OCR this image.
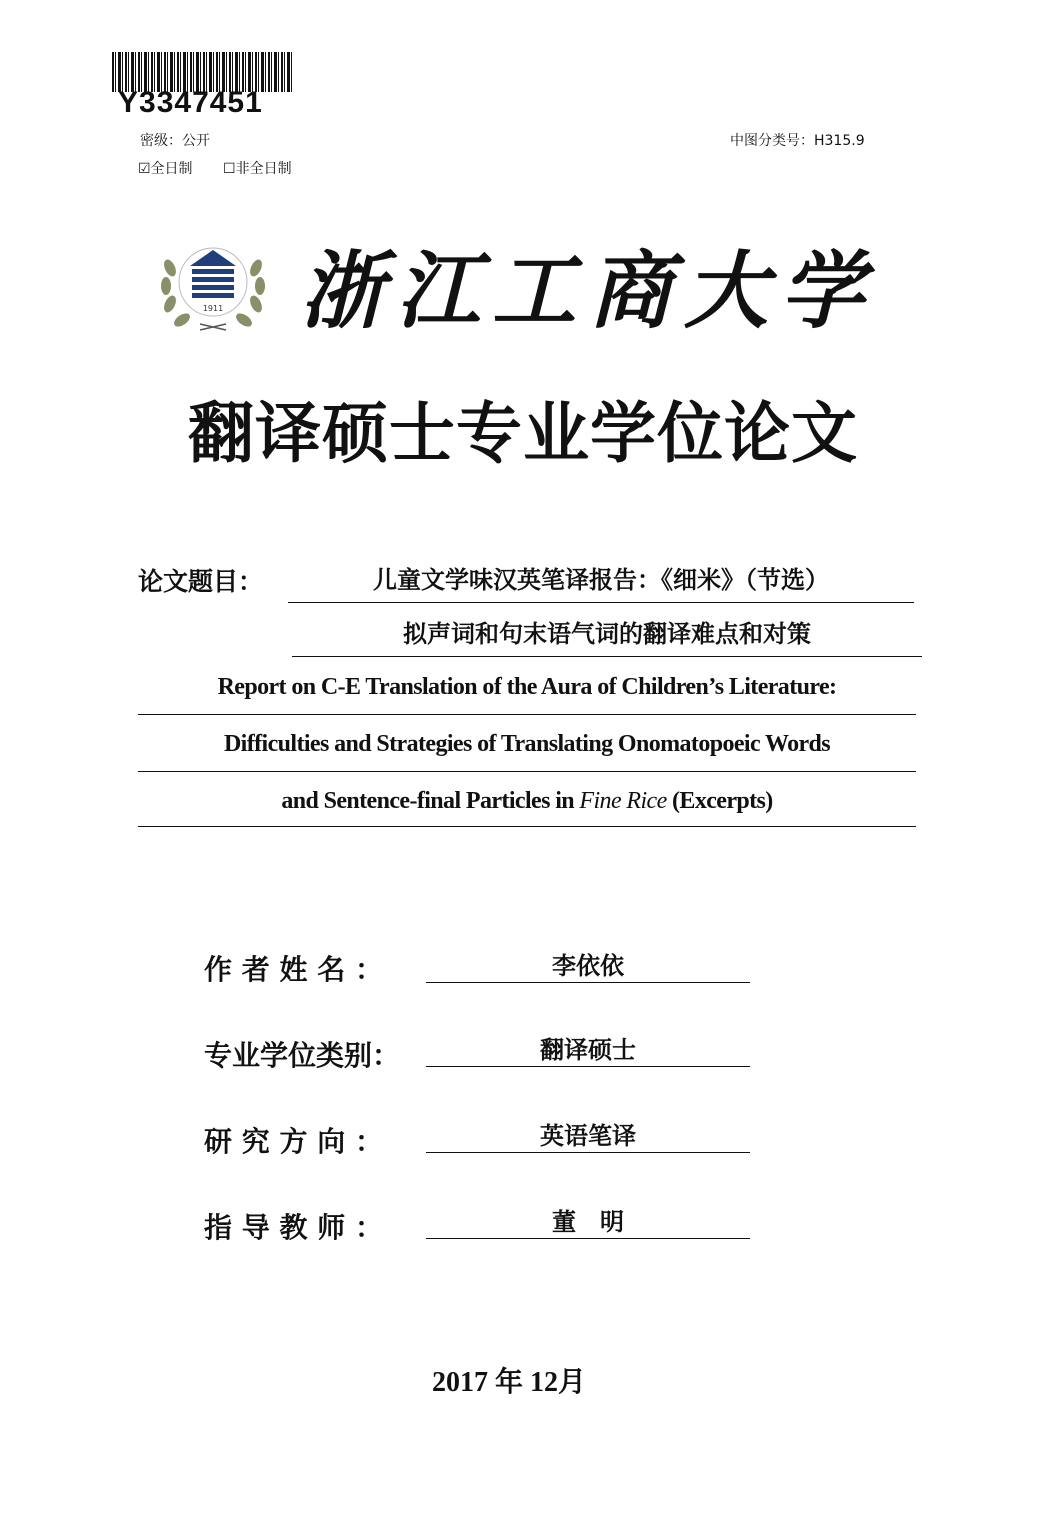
Y3347451
密级：公开	中图分类号：H315.9
☑全日制 ☐非全日制
1911 浙江工商大学
翻译硕士专业学位论文
论文题目：	儿童文学味汉英笔译报告：《细米》（节选）
拟声词和句末语气词的翻译难点和对策
Report on C-E Translation of the Aura of Children’s Literature:
Difficulties and Strategies of Translating Onomatopoeic Words
and Sentence-final Particles in Fine Rice (Excerpts)
作 者 姓 名 ：	李依依
专业学位类别：	翻译硕士
研 究 方 向 ：	英语笔译
指 导 教 师 ：	董　明
2017 年 12月
